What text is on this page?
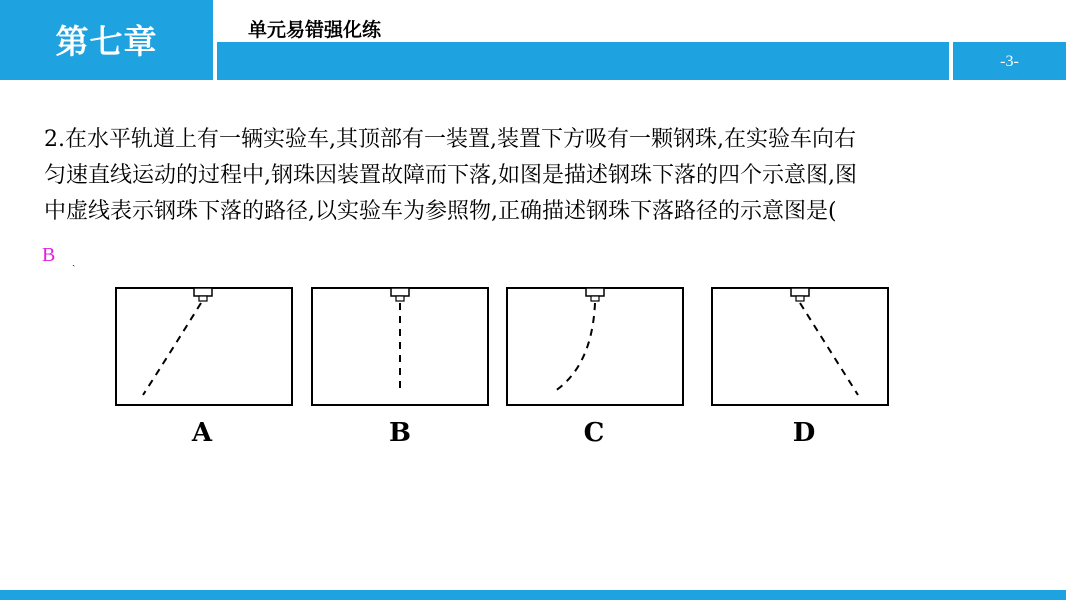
第七章	单元易错强化练
-3-
2.在水平轨道上有一辆实验车,其顶部有一装置,装置下方吸有一颗钢珠,在实验车向右
匀速直线运动的过程中,钢珠因装置故障而下落,如图是描述钢珠下落的四个示意图,图
中虚线表示钢珠下落的路径,以实验车为参照物,正确描述钢珠下落路径的示意图是(
B ˏ
A	B	C	D
